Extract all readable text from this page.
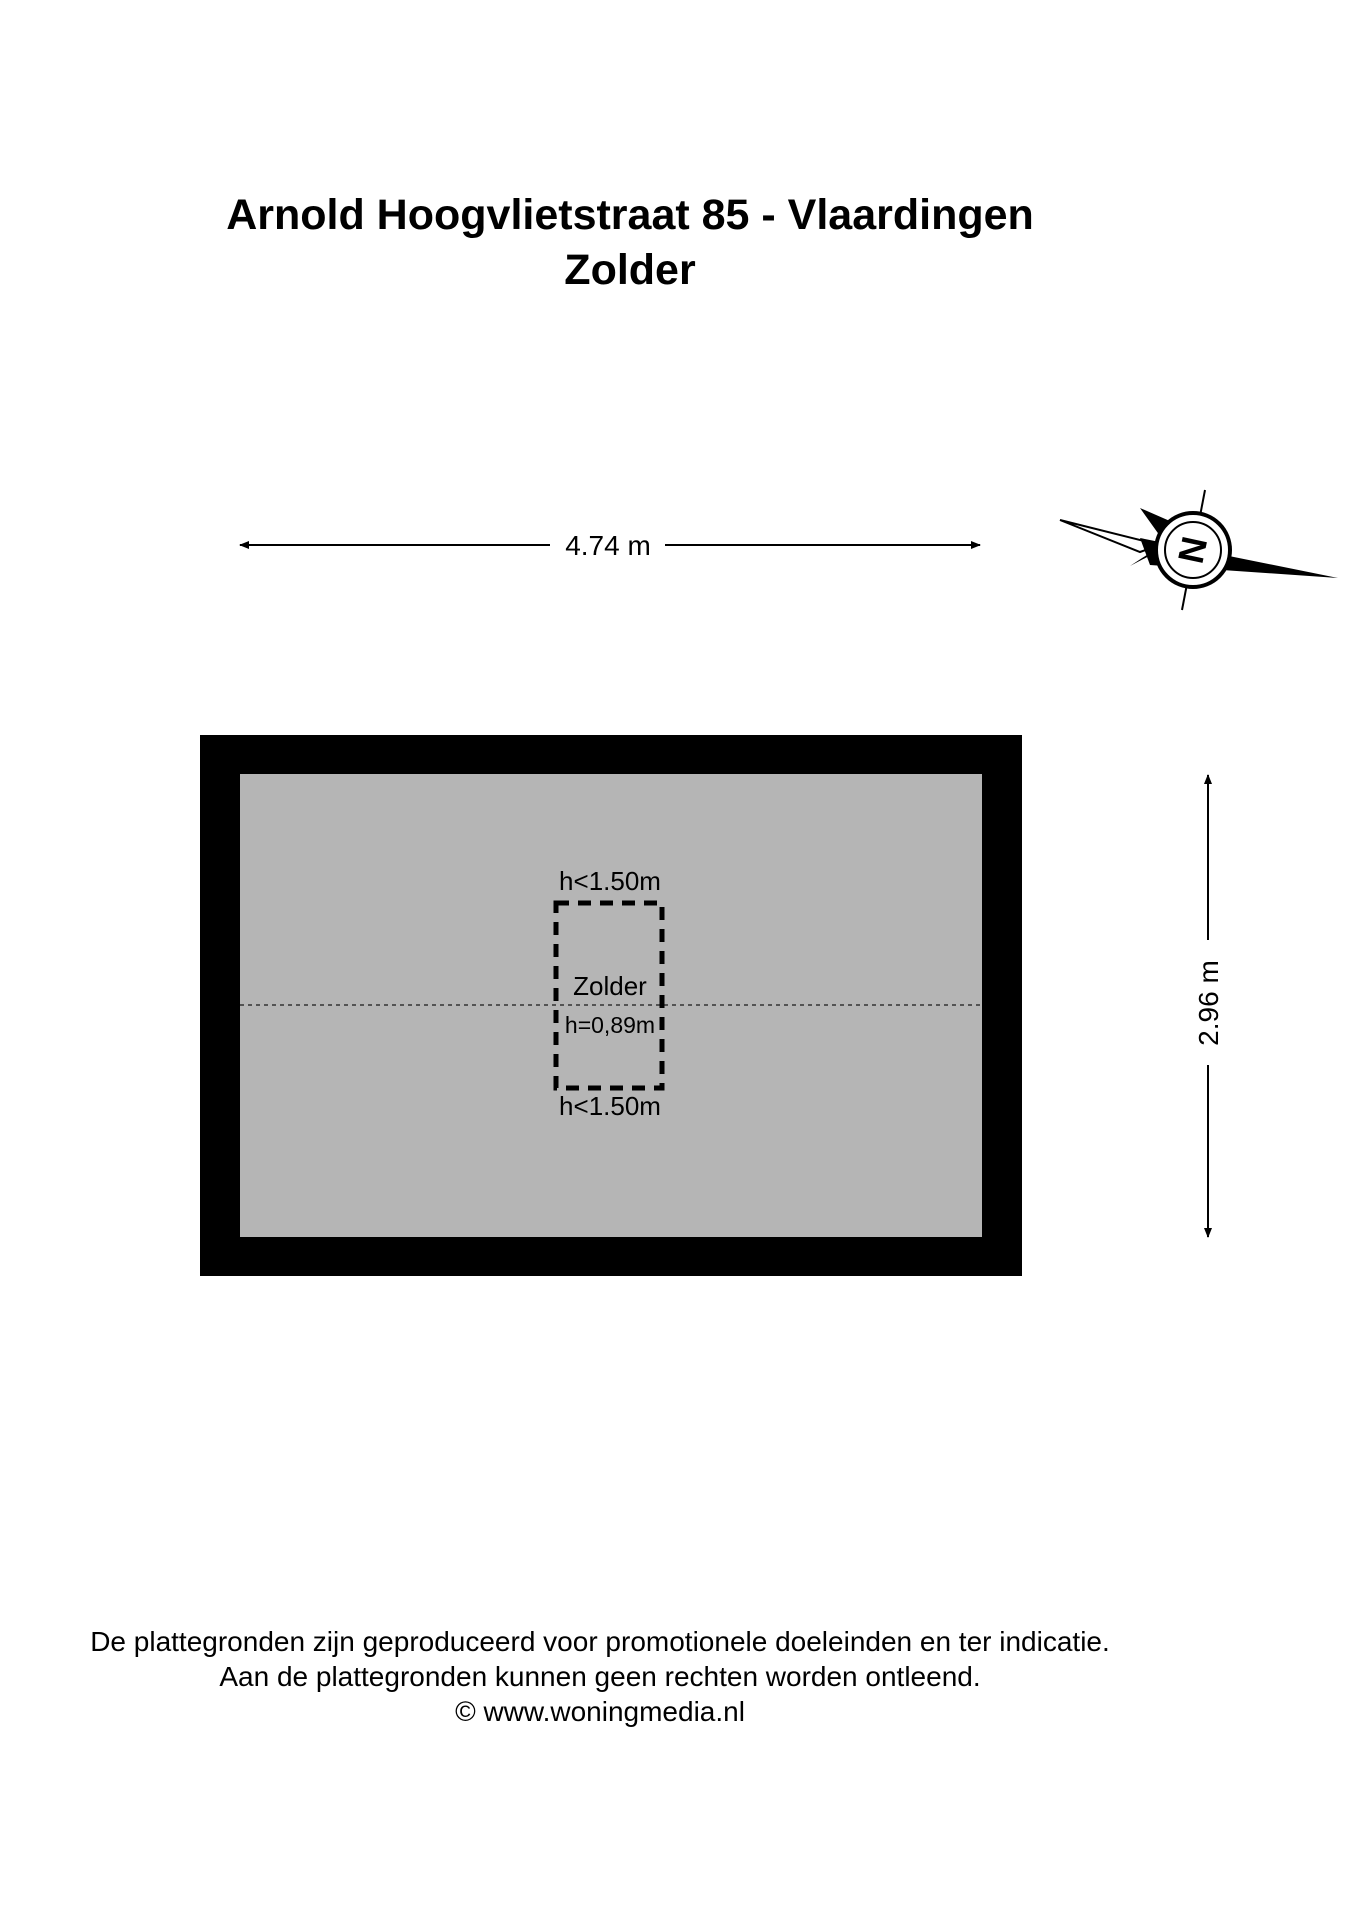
Arnold Hoogvlietstraat 85 - Vlaardingen
Zolder
4.74 m	N
h<1.50m
Zolder
h=0,89m
h<1.50m
2.96 m
De plattegronden zijn geproduceerd voor promotionele doeleinden en ter indicatie.
Aan de plattegronden kunnen geen rechten worden ontleend.
© www.woningmedia.nl
